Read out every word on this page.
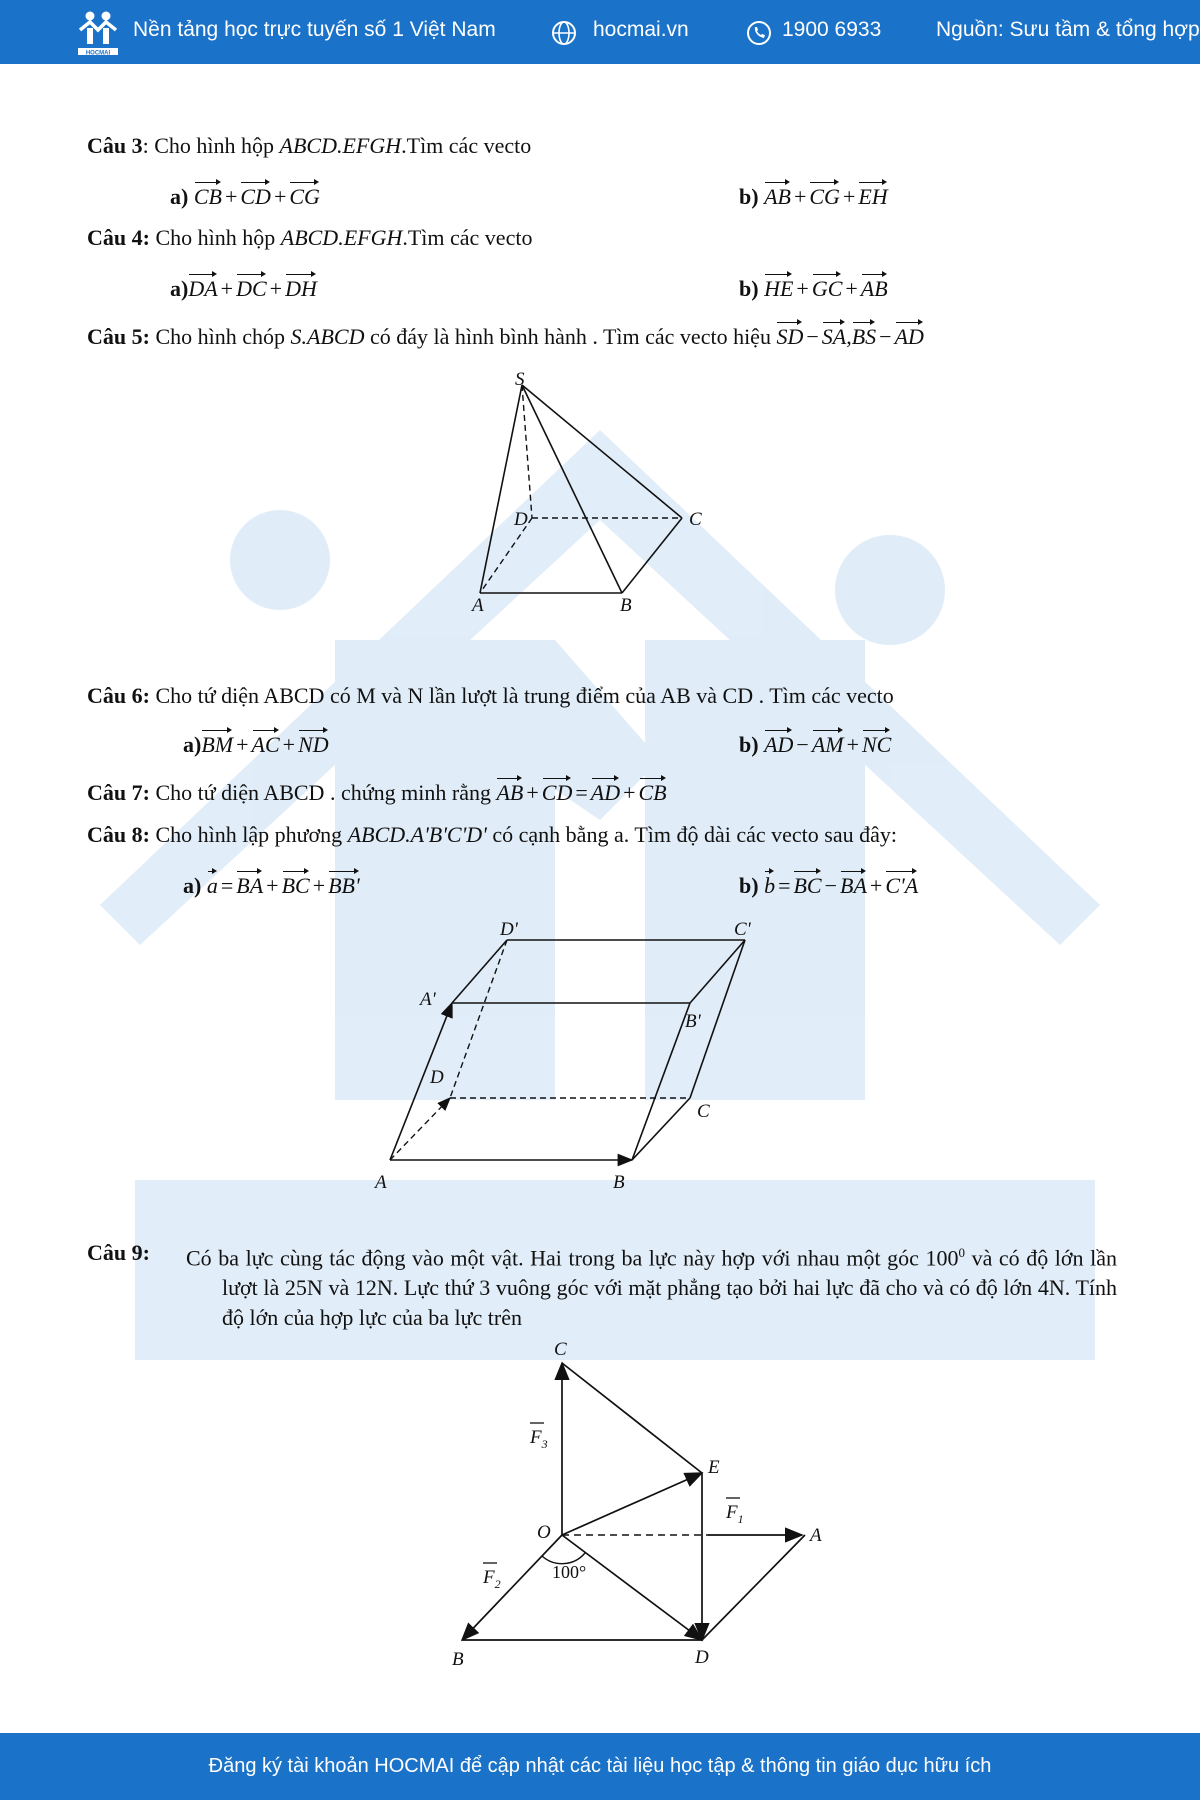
HOCMAI
Nền tảng học trực tuyến số 1 Việt Nam	hocmai.vn	1900 6933	Nguồn: Sưu tầm & tổng hợp
Câu 3: Cho hình hộp ABCD.EFGH.Tìm các vecto
a) CB + CD + CG	b) AB + CG + EH
Câu 4: Cho hình hộp ABCD.EFGH.Tìm các vecto
a)DA + DC + DH	b) HE + GC + AB
Câu 5: Cho hình chóp S.ABCD có đáy là hình bình hành . Tìm các vecto hiệu SD − SA,BS − AD
S
D	C
A	B
Câu 6: Cho tứ diện ABCD có M và N lần lượt là trung điểm của AB và CD . Tìm các vecto
a)BM + AC + ND	b) AD − AM + NC
Câu 7: Cho tứ diện ABCD . chứng minh rằng AB + CD = AD + CB
Câu 8: Cho hình lập phương ABCD.A'B'C'D' có cạnh bằng a. Tìm độ dài các vecto sau đây:
a) a = BA + BC + BB'	b) b = BC − BA + C'A
D'	C'
A'
B'
D
C
A	B
Câu 9: Có ba lực cùng tác động vào một vật. Hai trong ba lực này hợp với nhau một góc $100^0$ và có độ lớn lần lượt là 25N và 12N. Lực thứ 3 vuông góc với mặt phẳng tạo bởi hai lực đã cho và có độ lớn 4N. Tính độ lớn của hợp lực của ba lực trên
C
E
O	A
B	D
$F_3$
$F_1$
$F_2$
100°
Đăng ký tài khoản HOCMAI để cập nhật các tài liệu học tập & thông tin giáo dục hữu ích
